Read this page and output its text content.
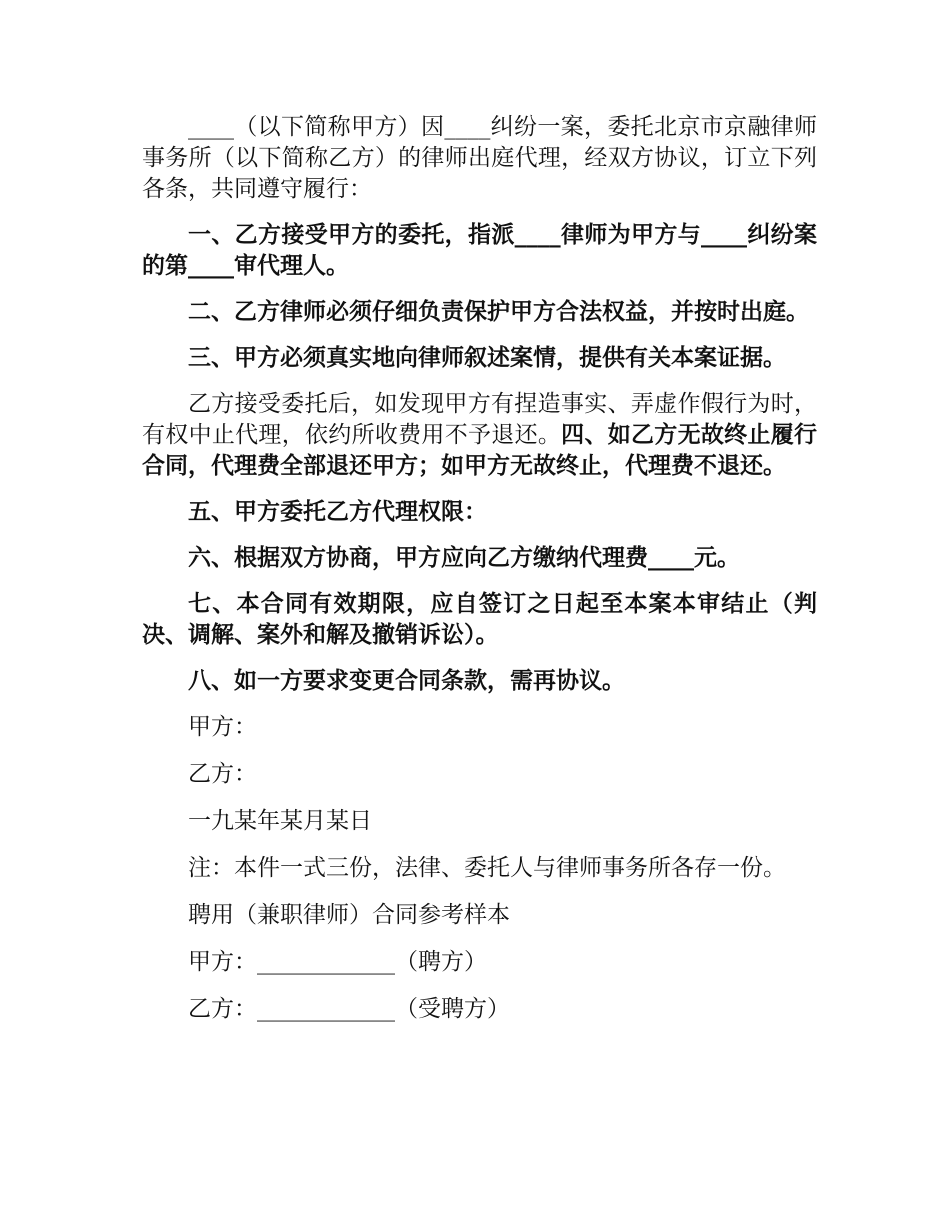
____（以下简称甲方）因____纠纷一案，委托北京市京融律师事务所（以下简称乙方）的律师出庭代理，经双方协议，订立下列各条，共同遵守履行：

一、乙方接受甲方的委托，指派____律师为甲方与____纠纷案的第____审代理人。

二、乙方律师必须仔细负责保护甲方合法权益，并按时出庭。

三、甲方必须真实地向律师叙述案情，提供有关本案证据。

乙方接受委托后，如发现甲方有捏造事实、弄虚作假行为时，有权中止代理，依约所收费用不予退还。四、如乙方无故终止履行合同，代理费全部退还甲方；如甲方无故终止，代理费不退还。

五、甲方委托乙方代理权限：

六、根据双方协商，甲方应向乙方缴纳代理费____元。

七、本合同有效期限，应自签订之日起至本案本审结止（判决、调解、案外和解及撤销诉讼）。

八、如一方要求变更合同条款，需再协议。

甲方：

乙方：

一九某年某月某日

注：本件一式三份，法律、委托人与律师事务所各存一份。

聘用（兼职律师）合同参考样本

甲方：____________（聘方）

乙方：____________（受聘方）
